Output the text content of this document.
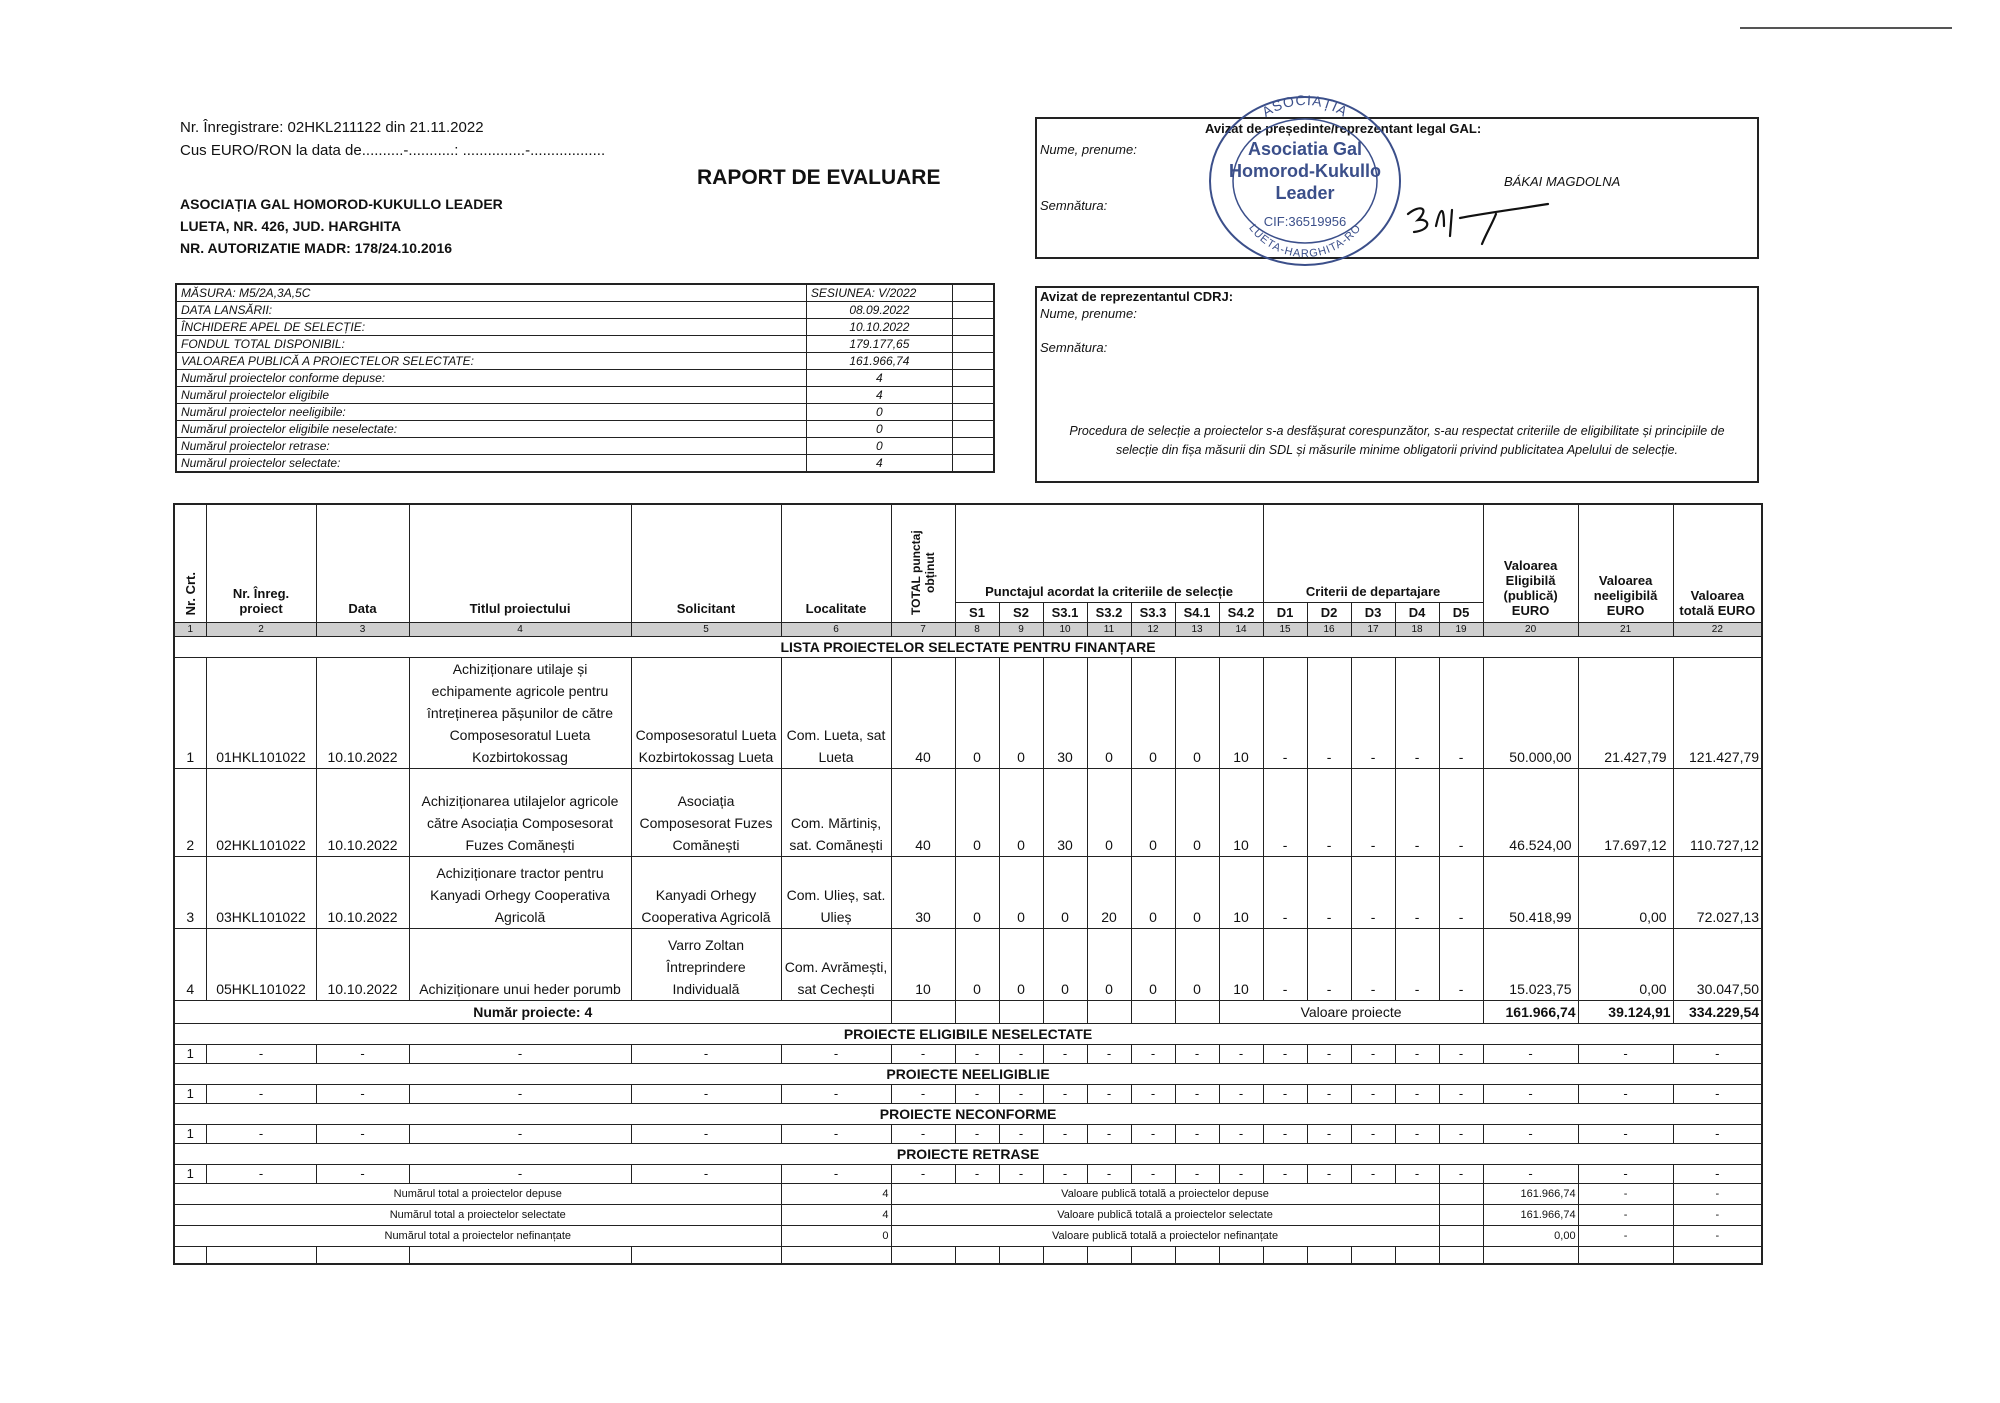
Nr. Înregistrare: 02HKL211122 din 21.11.2022
Cus EURO/RON la data de..........-...........: ...............-..................
RAPORT DE EVALUARE
ASOCIAȚIA GAL HOMOROD-KUKULLO LEADER
LUETA, NR. 426, JUD. HARGHITA
NR. AUTORIZATIE MADR: 178/24.10.2016
MĂSURA: M5/2A,3A,5C	SESIUNEA: V/2022	
DATA LANSĂRII:	08.09.2022	
ÎNCHIDERE APEL DE SELECȚIE:	10.10.2022	
FONDUL TOTAL DISPONIBIL:	179.177,65	
VALOAREA PUBLICĂ A PROIECTELOR SELECTATE:	161.966,74	
Numărul proiectelor conforme depuse:	4	
Numărul proiectelor eligibile	4	
Numărul proiectelor neeligibile:	0	
Numărul proiectelor eligibile neselectate:	0	
Numărul proiectelor retrase:	0	
Numărul proiectelor selectate:	4	
Avizat de președinte/reprezentant legal GAL:
Nume, prenume:
BÁKAI MAGDOLNA
Semnătura:
ASOCIAȚIA
LUETA-HARGHITA-RO
Asociatia Gal
Homorod-Kukullo
Leader
CIF:36519956
Avizat de reprezentantul CDRJ:
Nume, prenume:
Semnătura:
Procedura de selecție a proiectelor s-a desfășurat corespunzător, s-au respectat criteriile de eligibilitate și principiile de selecție din fișa măsurii din SDL și măsurile minime obligatorii privind publicitatea Apelului de selecție.
Nr. Crt.	Nr. Înreg. proiect	Data	Titlul proiectului	Solicitant	Localitate	TOTAL punctaj obținut	Punctajul acordat la criteriile de selecție							Criterii de departajare					Valoarea Eligibilă (publică) EURO	Valoarea neeligibilă EURO	Valoarea totală EURO
							S1	S2	S3.1	S3.2	S3.3	S4.1	S4.2	D1	D2	D3	D4	D5			
1	2	3	4	5	6	7	8	9	10	11	12	13	14	15	16	17	18	19	20	21	22
LISTA PROIECTELOR SELECTATE PENTRU FINANȚARE																					
1	01HKL101022	10.10.2022	Achiziționare utilaje și echipamente agricole pentru întreținerea pășunilor de către Composesoratul Lueta Kozbirtokossag	Composesoratul Lueta Kozbirtokossag Lueta	Com. Lueta, sat Lueta	40	0	0	30	0	0	0	10	-	-	-	-	-	50.000,00	21.427,79	121.427,79
2	02HKL101022	10.10.2022	Achiziționarea utilajelor agricole către Asociația Composesorat Fuzes Comănești	Asociația Composesorat Fuzes Comănești	Com. Mărtiniș, sat. Comănești	40	0	0	30	0	0	0	10	-	-	-	-	-	46.524,00	17.697,12	110.727,12
3	03HKL101022	10.10.2022	Achiziționare tractor pentru Kanyadi Orhegy Cooperativa Agricolă	Kanyadi Orhegy Cooperativa Agricolă	Com. Ulieș, sat. Ulieș	30	0	0	0	20	0	0	10	-	-	-	-	-	50.418,99	0,00	72.027,13
4	05HKL101022	10.10.2022	Achiziționare unui heder porumb	Varro Zoltan Întreprindere Individuală	Com. Avrămești, sat Cechești	10	0	0	0	0	0	0	10	-	-	-	-	-	15.023,75	0,00	30.047,50
Număr proiecte: 4													Valoare proiecte						161.966,74	39.124,91	334.229,54
PROIECTE ELIGIBILE NESELECTATE																					
1	-	-	-	-	-	-	-	-	-	-	-	-	-	-	-	-	-	-	-	-	-
PROIECTE NEELIGIBLIE																					
1	-	-	-	-	-	-	-	-	-	-	-	-	-	-	-	-	-	-	-	-	-
PROIECTE NECONFORME																					
1	-	-	-	-	-	-	-	-	-	-	-	-	-	-	-	-	-	-	-	-	-
PROIECTE RETRASE																					
1	-	-	-	-	-	-	-	-	-	-	-	-	-	-	-	-	-	-	-	-	-
Numărul total a proiectelor depuse					4	Valoare publică totală a proiectelor depuse													161.966,74	-	-
Numărul total a proiectelor selectate					4	Valoare publică totală a proiectelor selectate													161.966,74	-	-
Numărul total a proiectelor nefinanțate					0	Valoare publică totală a proiectelor nefinanțate													0,00	-	-
